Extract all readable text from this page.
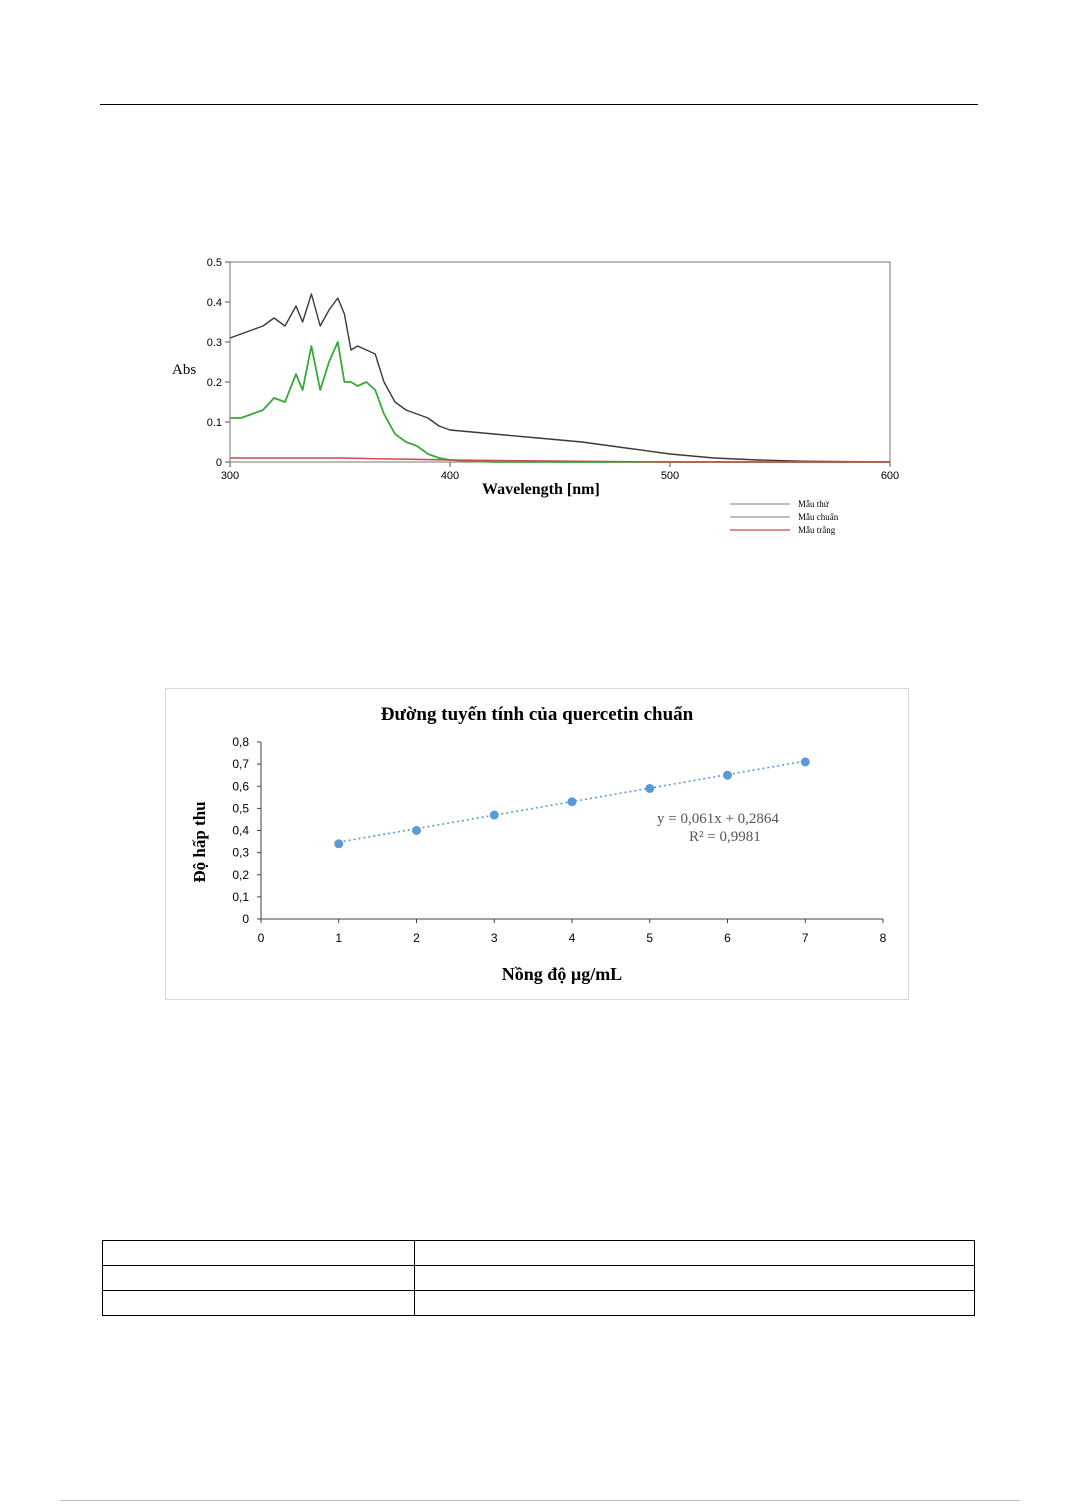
0
0.1
0.2
0.3
0.4
0.5
300	400	500	600
Abs
Wavelength [nm]
Mẫu thử
Mẫu chuẩn
Mẫu trắng
Đường tuyến tính của quercetin chuẩn
0
0,1
0,2
0,3
0,4
0,5
0,6
0,7
0,8
0	1	2	3	4	5	6	7	8
y = 0,061x + 0,2864
R² = 0,9981
Độ hấp thu
Nồng độ µg/mL
